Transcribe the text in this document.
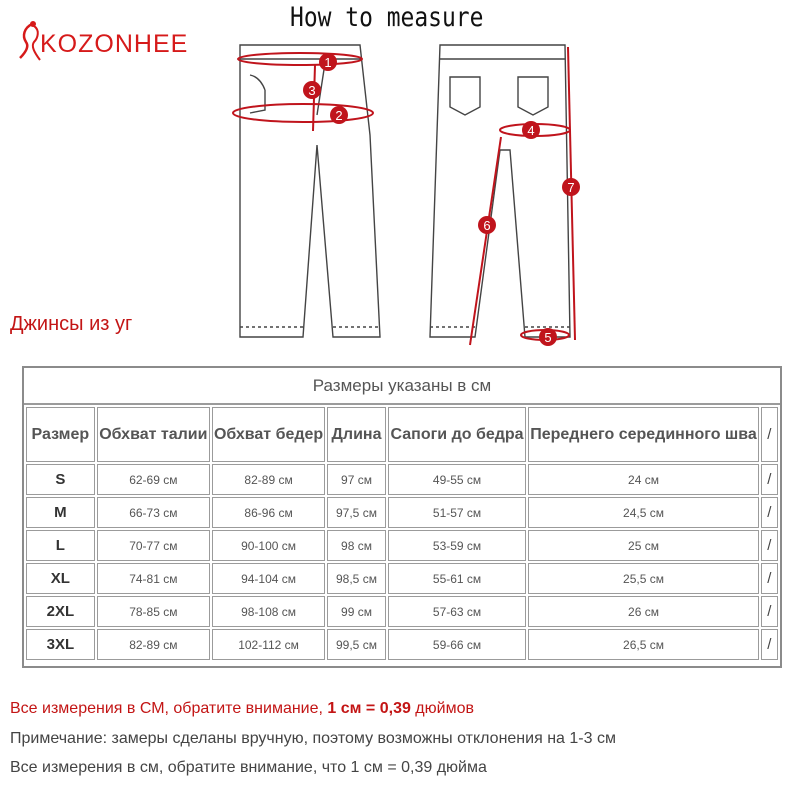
KOZONHEE
How to measure
1
2
3
4
5
6
7
Джинсы из уг
Размеры указаны в см
Размер	Обхват талии	Обхват бедер	Длина	Сапоги до бедра	Переднего серединного шва	/
S	62-69 см	82-89 см	97 см	49-55 см	24 см	/
M	66-73 см	86-96 см	97,5 см	51-57 см	24,5 см	/
L	70-77 см	90-100 см	98 см	53-59 см	25 см	/
XL	74-81 см	94-104 см	98,5 см	55-61 см	25,5 см	/
2XL	78-85 см	98-108 см	99 см	57-63 см	26 см	/
3XL	82-89 см	102-112 см	99,5 см	59-66 см	26,5 см	/
Все измерения в СМ, обратите внимание, 1 см = 0,39 дюймов
Примечание: замеры сделаны вручную, поэтому возможны отклонения на 1-3 см
Все измерения в см, обратите внимание, что 1 см = 0,39 дюйма
